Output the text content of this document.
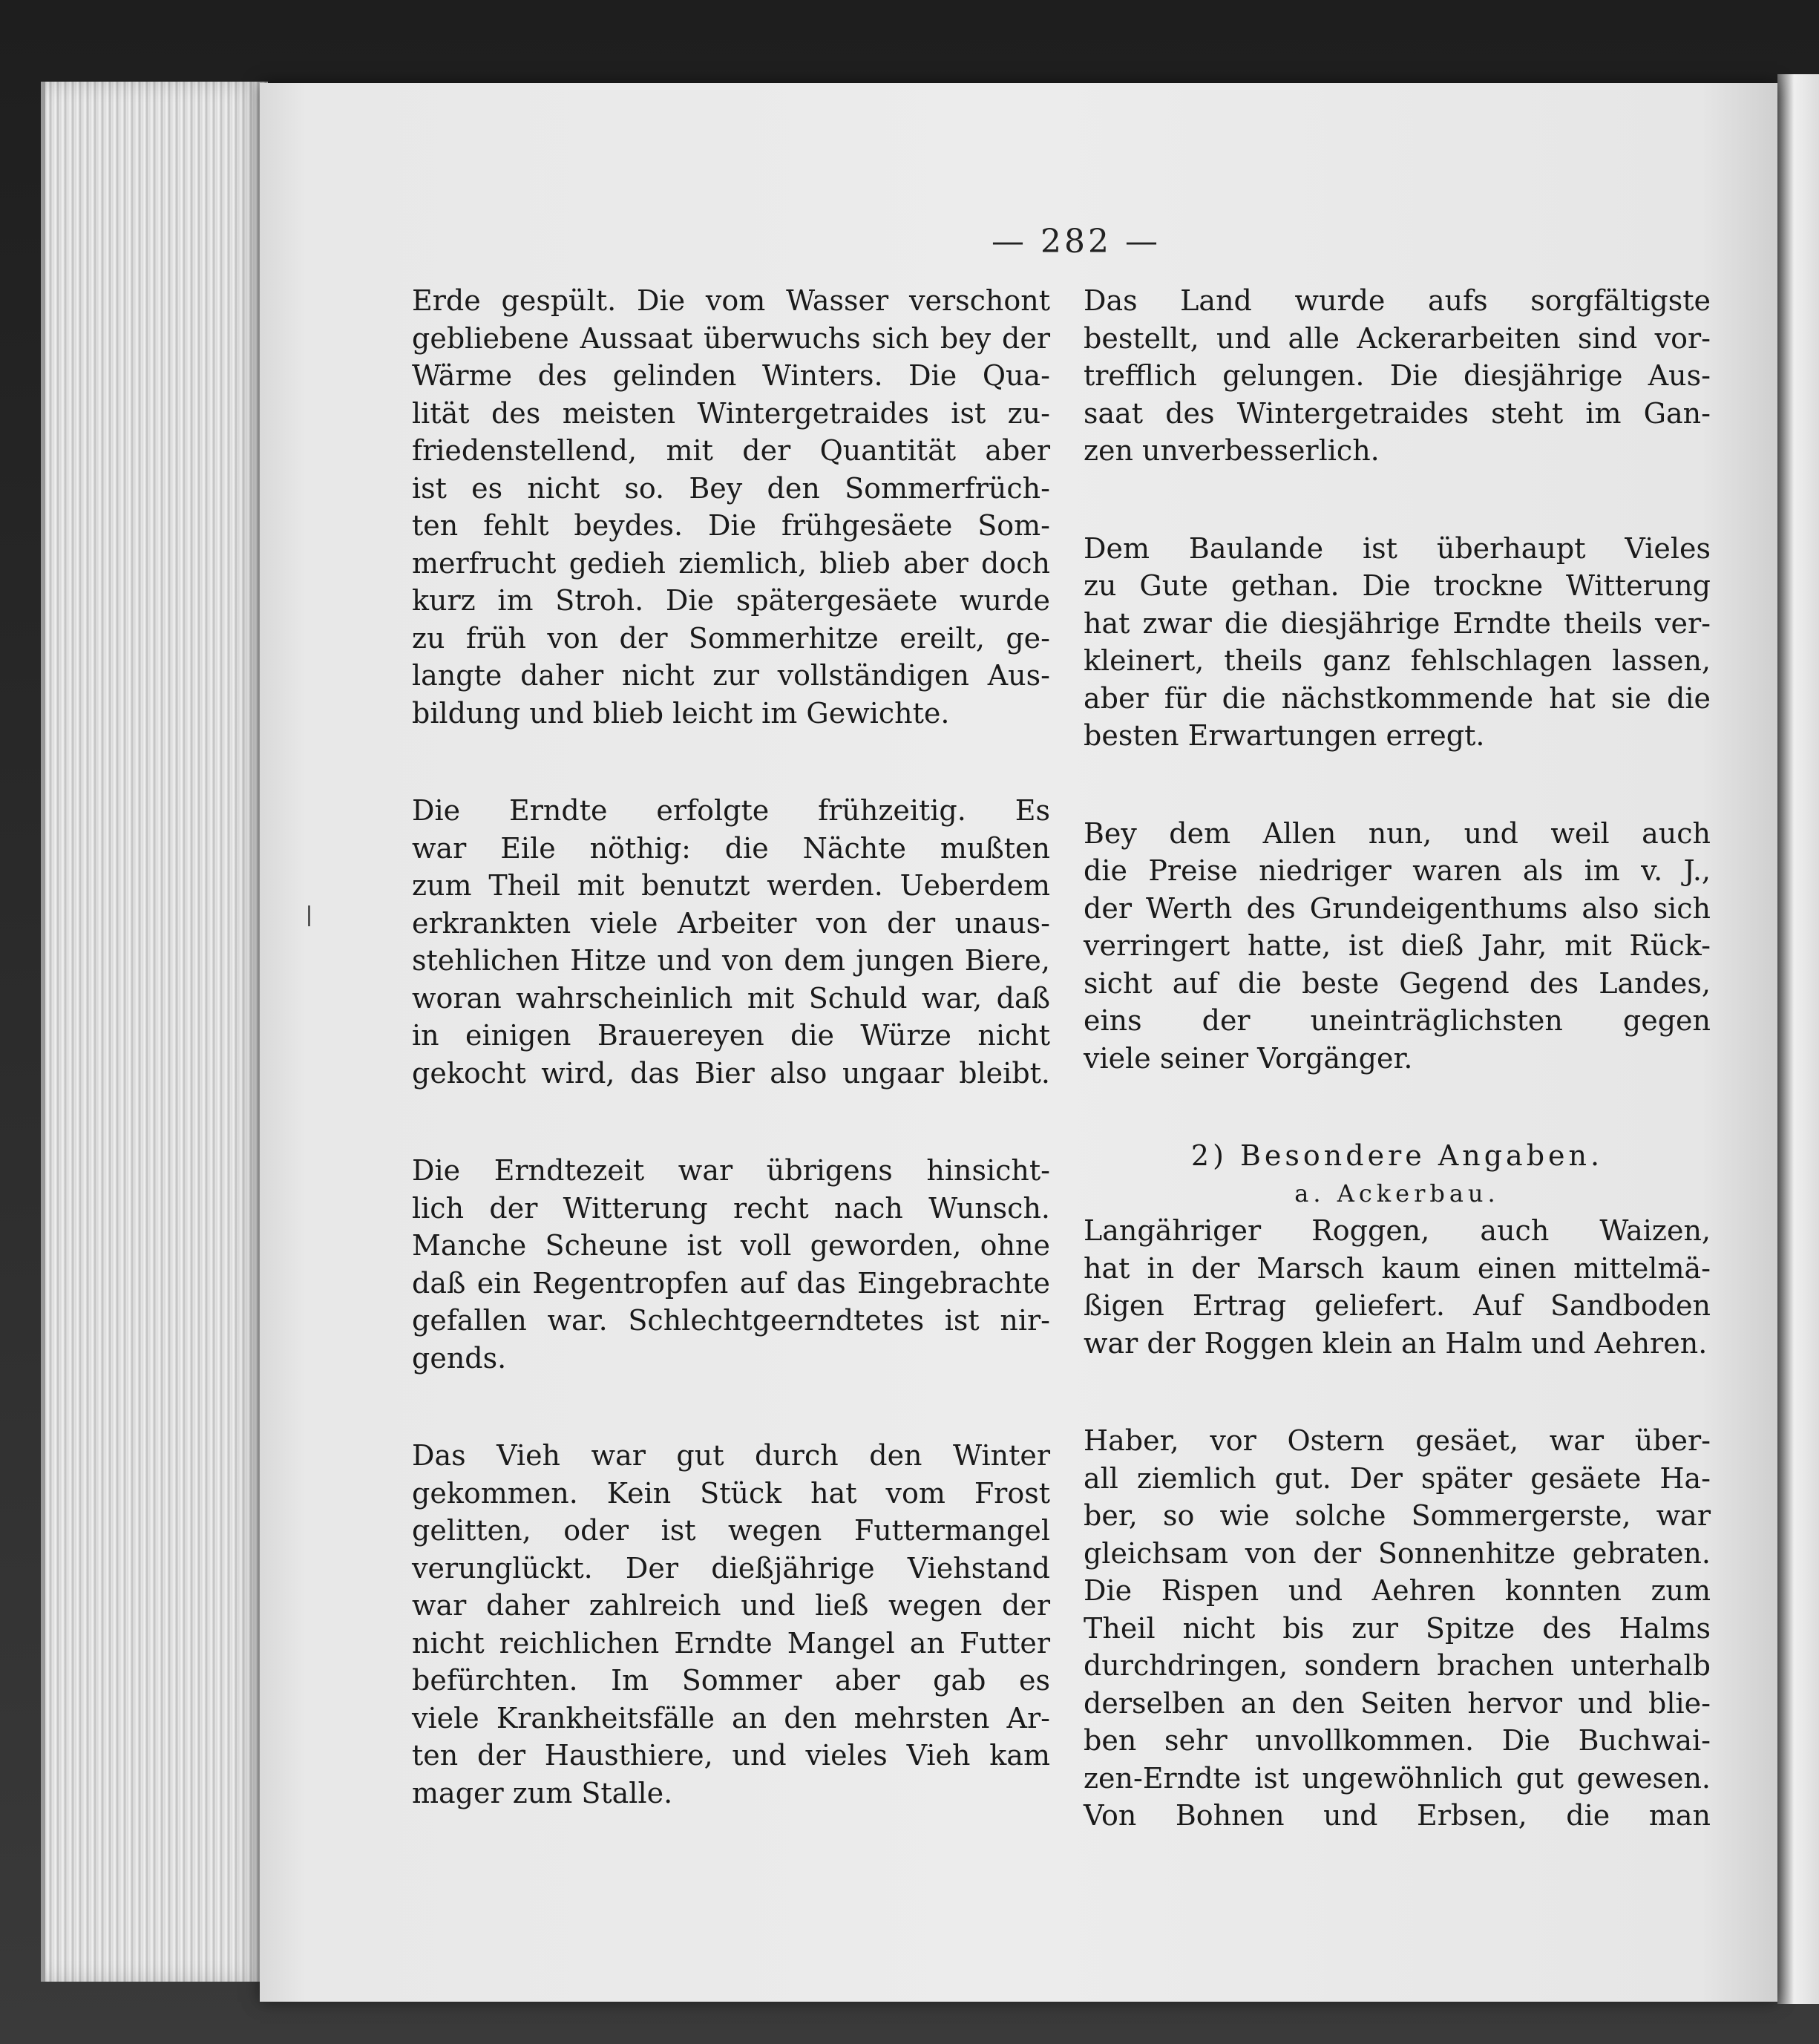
— 282 —
Erde gespült. Die vom Wasser verschont
gebliebene Aussaat überwuchs sich bey der
Wärme des gelinden Winters. Die Qua-
lität des meisten Wintergetraides ist zu-
friedenstellend, mit der Quantität aber
ist es nicht so. Bey den Sommerfrüch-
ten fehlt beydes. Die frühgesäete Som-
merfrucht gedieh ziemlich, blieb aber doch
kurz im Stroh. Die spätergesäete wurde
zu früh von der Sommerhitze ereilt, ge-
langte daher nicht zur vollständigen Aus-
bildung und blieb leicht im Gewichte.
Die Erndte erfolgte frühzeitig. Es
war Eile nöthig: die Nächte mußten
zum Theil mit benutzt werden. Ueberdem
erkrankten viele Arbeiter von der unaus-
stehlichen Hitze und von dem jungen Biere,
woran wahrscheinlich mit Schuld war, daß
in einigen Brauereyen die Würze nicht
gekocht wird, das Bier also ungaar bleibt.
Die Erndtezeit war übrigens hinsicht-
lich der Witterung recht nach Wunsch.
Manche Scheune ist voll geworden, ohne
daß ein Regentropfen auf das Eingebrachte
gefallen war. Schlechtgeerndtetes ist nir-
gends.
Das Vieh war gut durch den Winter
gekommen. Kein Stück hat vom Frost
gelitten, oder ist wegen Futtermangel
verunglückt. Der dießjährige Viehstand
war daher zahlreich und ließ wegen der
nicht reichlichen Erndte Mangel an Futter
befürchten. Im Sommer aber gab es
viele Krankheitsfälle an den mehrsten Ar-
ten der Hausthiere, und vieles Vieh kam
mager zum Stalle.
Das Land wurde aufs sorgfältigste
bestellt, und alle Ackerarbeiten sind vor-
trefflich gelungen. Die diesjährige Aus-
saat des Wintergetraides steht im Gan-
zen unverbesserlich.
Dem Baulande ist überhaupt Vieles
zu Gute gethan. Die trockne Witterung
hat zwar die diesjährige Erndte theils ver-
kleinert, theils ganz fehlschlagen lassen,
aber für die nächstkommende hat sie die
besten Erwartungen erregt.
Bey dem Allen nun, und weil auch
die Preise niedriger waren als im v. J.,
der Werth des Grundeigenthums also sich
verringert hatte, ist dieß Jahr, mit Rück-
sicht auf die beste Gegend des Landes,
eins der uneinträglichsten gegen
viele seiner Vorgänger.
2) Besondere Angaben.
a. Ackerbau.
Langähriger Roggen, auch Waizen,
hat in der Marsch kaum einen mittelmä-
ßigen Ertrag geliefert. Auf Sandboden
war der Roggen klein an Halm und Aehren.
Haber, vor Ostern gesäet, war über-
all ziemlich gut. Der später gesäete Ha-
ber, so wie solche Sommergerste, war
gleichsam von der Sonnenhitze gebraten.
Die Rispen und Aehren konnten zum
Theil nicht bis zur Spitze des Halms
durchdringen, sondern brachen unterhalb
derselben an den Seiten hervor und blie-
ben sehr unvollkommen. Die Buchwai-
zen-Erndte ist ungewöhnlich gut gewesen.
Von Bohnen und Erbsen, die man
